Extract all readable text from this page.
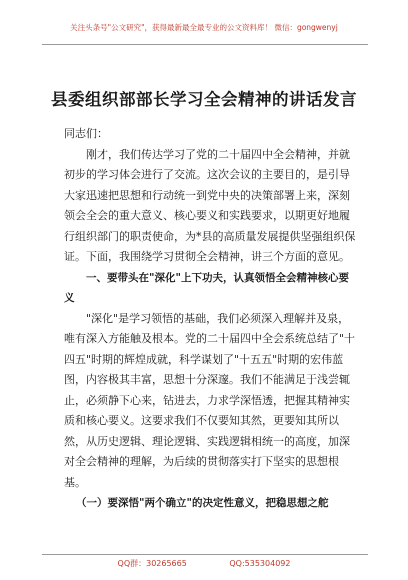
关注头条号"公文研究"，获得最新最全最专业的公文资料库！ 微信：gongwenyj
县委组织部部长学习全会精神的讲话发言

同志们：

刚才，我们传达学习了党的二十届四中全会精神，并就初步的学习体会进行了交流。这次会议的主要目的，是引导大家迅速把思想和行动统一到党中央的决策部署上来，深刻领会全会的重大意义、核心要义和实践要求，以期更好地履行组织部门的职责使命，为*县的高质量发展提供坚强组织保证。下面，我围绕学习贯彻全会精神，讲三个方面的意见。

一、要带头在"深化"上下功夫，认真领悟全会精神核心要义

"深化"是学习领悟的基础，我们必须深入理解并及泉，唯有深入方能触及根本。党的二十届四中全会系统总结了"十四五"时期的辉煌成就，科学谋划了"十五五"时期的宏伟蓝图，内容极其丰富，思想十分深邃。我们不能满足于浅尝辄止，必须静下心来，钻进去，力求学深悟透，把握其精神实质和核心要义。这要求我们不仅要知其然，更要知其所以然，从历史逻辑、理论逻辑、实践逻辑相统一的高度，加深对全会精神的理解，为后续的贯彻落实打下坚实的思想根基。

（一）要深悟"两个确立"的决定性意义，把稳思想之舵

QQ群：30265665	QQ:535304092
